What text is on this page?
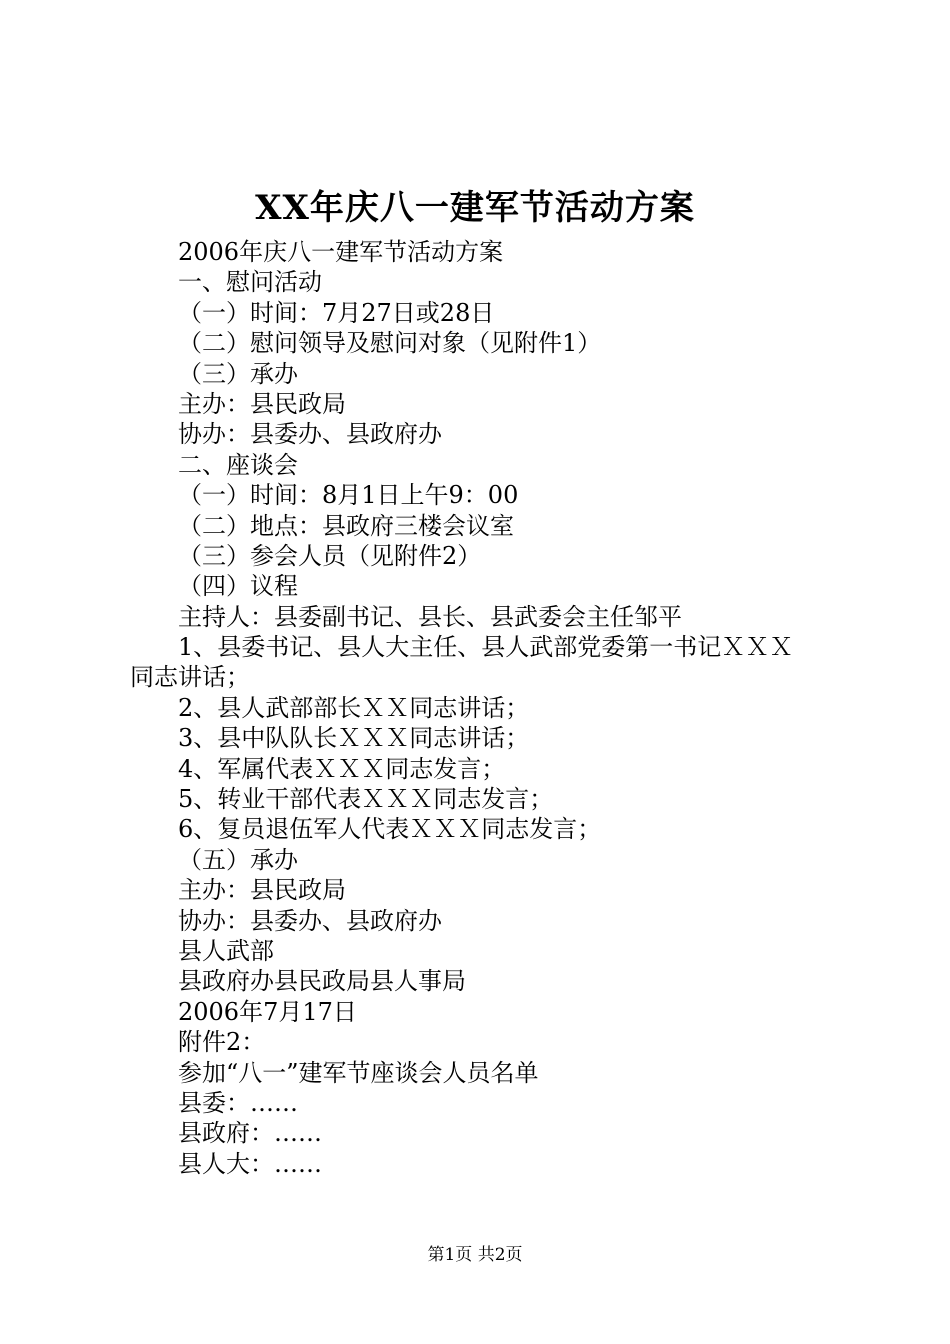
XX年庆八一建军节活动方案
2006年庆八一建军节活动方案
一、慰问活动
（一）时间：7月27日或28日
（二）慰问领导及慰问对象（见附件1）
（三）承办
主办：县民政局
协办：县委办、县政府办
二、座谈会
（一）时间：8月1日上午9：00
（二）地点：县政府三楼会议室
（三）参会人员（见附件2）
（四）议程
主持人：县委副书记、县长、县武委会主任邹平
1、县委书记、县人大主任、县人武部党委第一书记ＸＸＸ
同志讲话；
2、县人武部部长ＸＸ同志讲话；
3、县中队队长ＸＸＸ同志讲话；
4、军属代表ＸＸＸ同志发言；
5、转业干部代表ＸＸＸ同志发言；
6、复员退伍军人代表ＸＸＸ同志发言；
（五）承办
主办：县民政局
协办：县委办、县政府办
县人武部
县政府办县民政局县人事局
2006年7月17日
附件2：
参加“八一”建军节座谈会人员名单
县委：……
县政府：……
县人大：……
第1页 共2页
